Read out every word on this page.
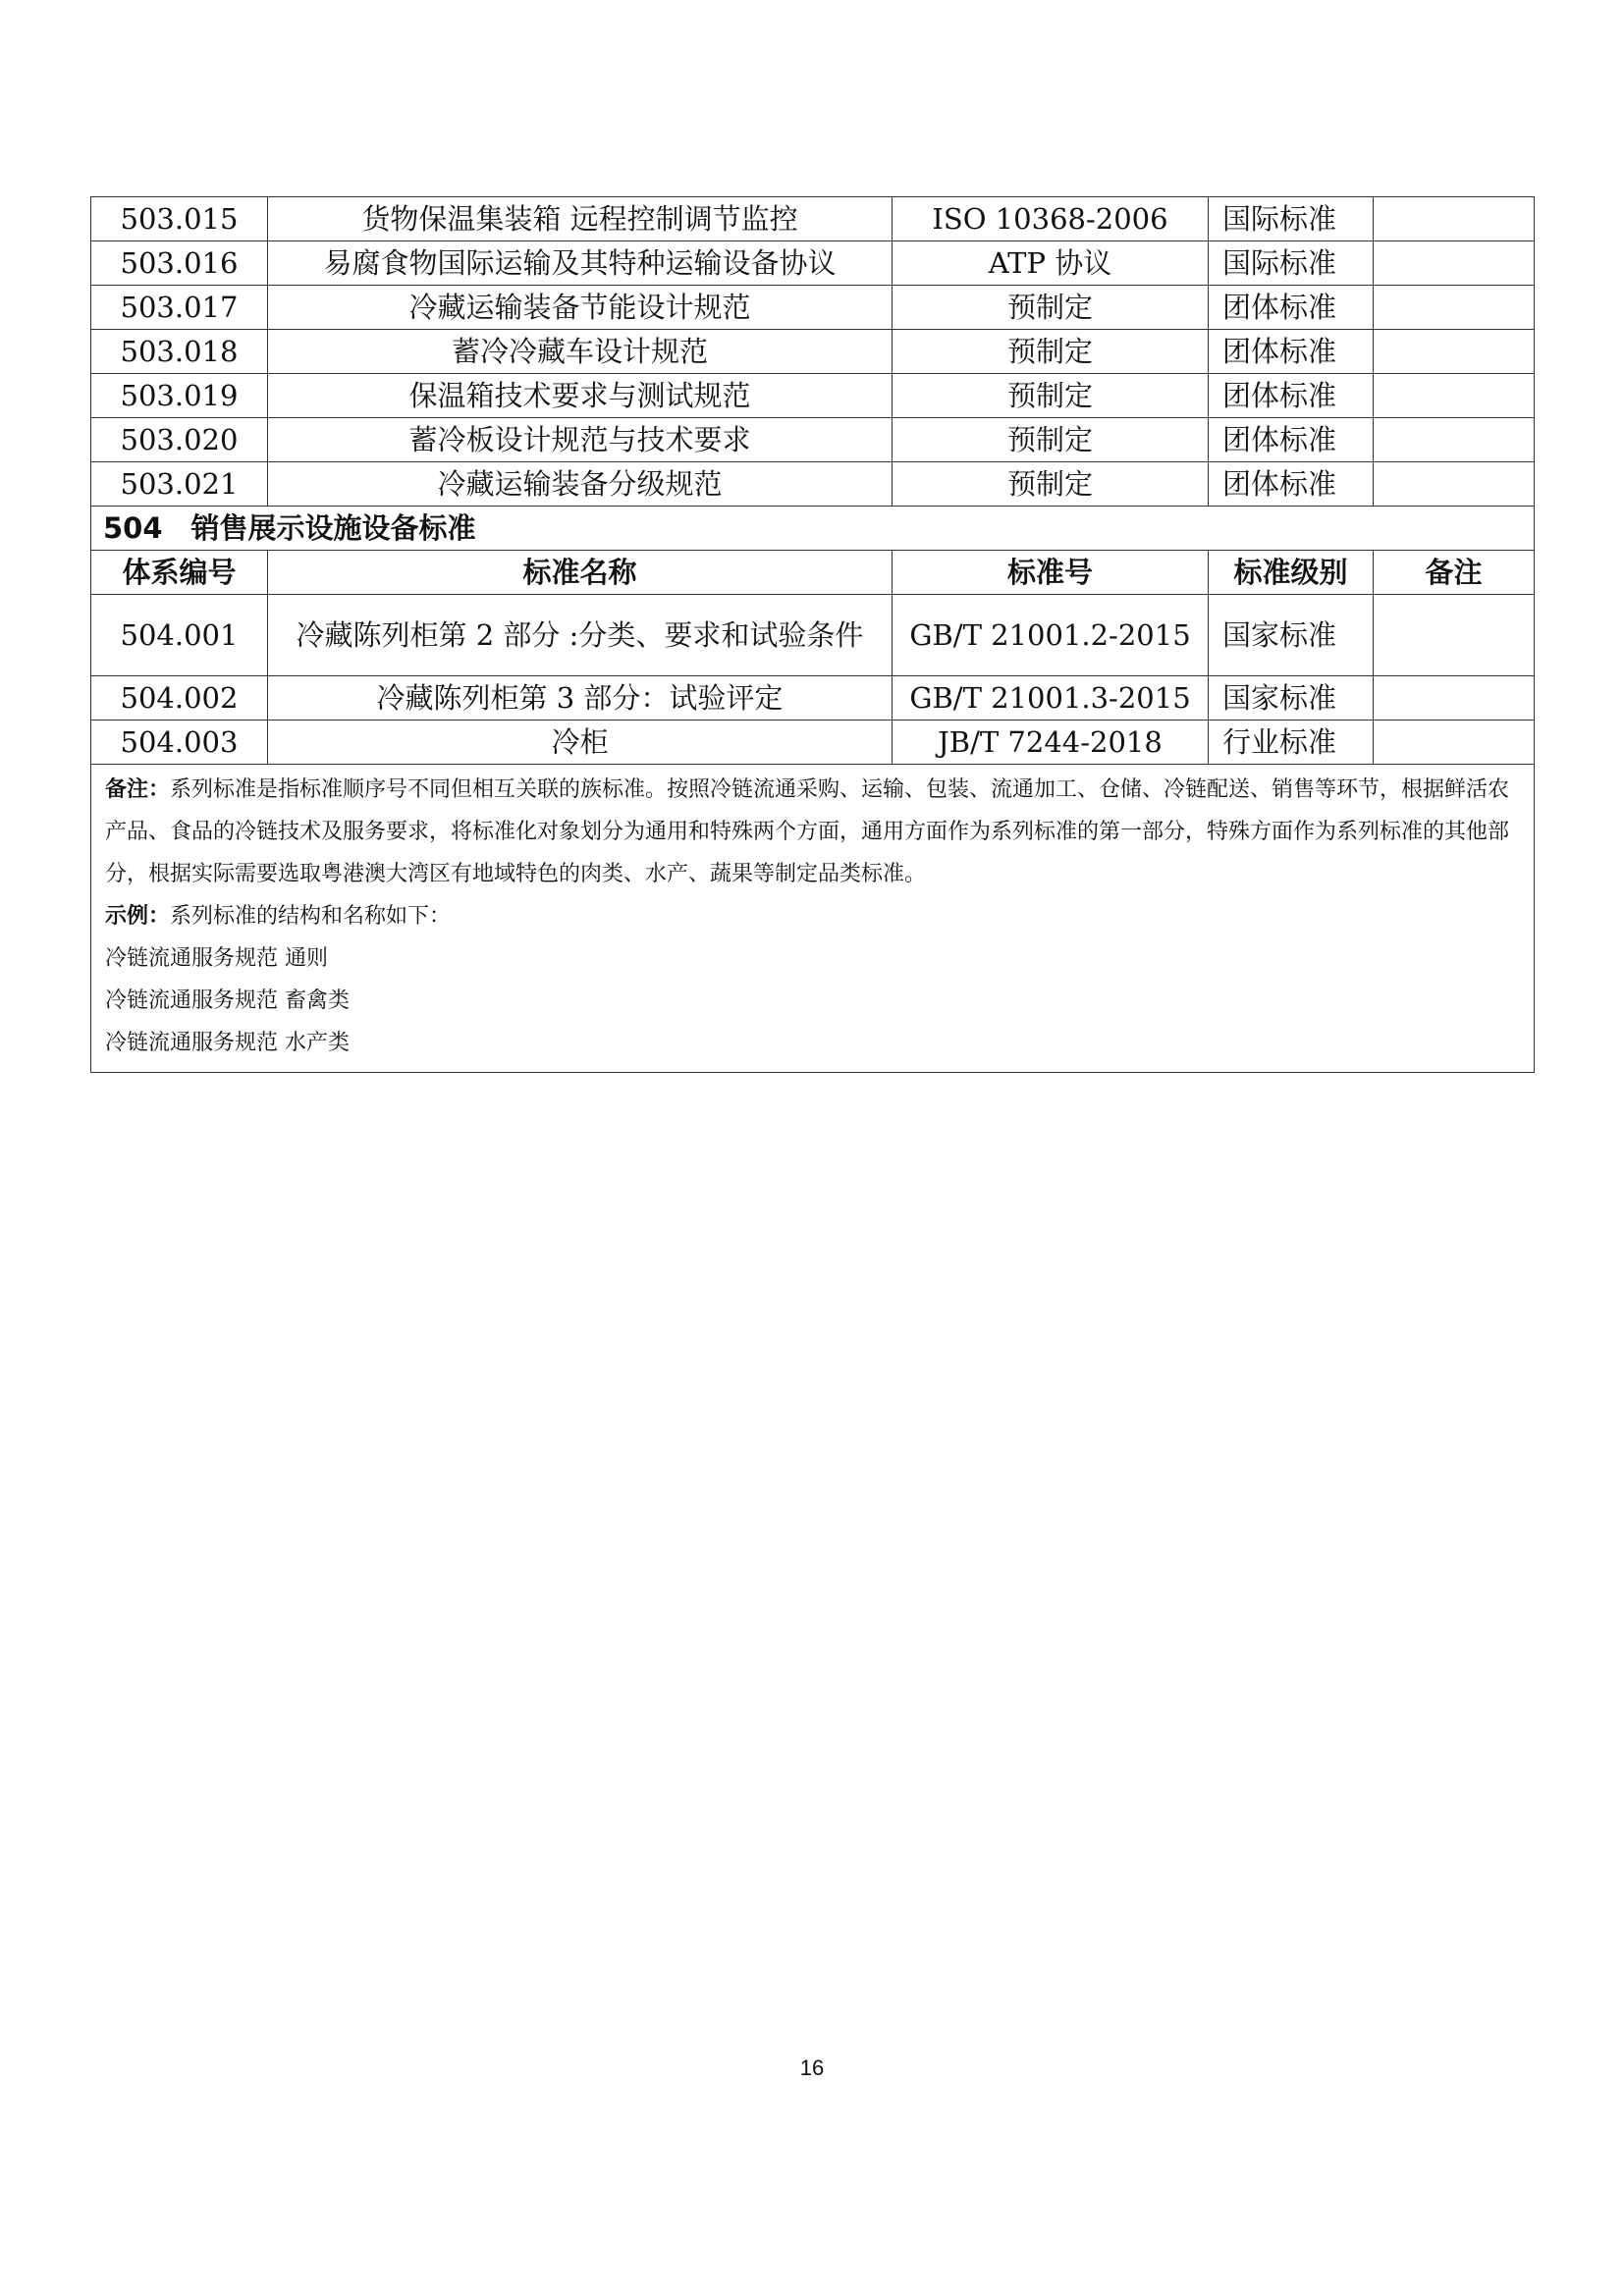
503.015	货物保温集装箱 远程控制调节监控	ISO 10368-2006	国际标准	
503.016	易腐食物国际运输及其特种运输设备协议	ATP 协议	国际标准	
503.017	冷藏运输装备节能设计规范	预制定	团体标准	
503.018	蓄冷冷藏车设计规范	预制定	团体标准	
503.019	保温箱技术要求与测试规范	预制定	团体标准	
503.020	蓄冷板设计规范与技术要求	预制定	团体标准	
503.021	冷藏运输装备分级规范	预制定	团体标准	
504　销售展示设施设备标准				
体系编号	标准名称	标准号	标准级别	备注
504.001	冷藏陈列柜第 2 部分 :分类、要求和试验条件	GB/T 21001.2-2015	国家标准	
504.002	冷藏陈列柜第 3 部分：试验评定	GB/T 21001.3-2015	国家标准	
504.003	冷柜	JB/T 7244-2018	行业标准	

备注：系列标准是指标准顺序号不同但相互关联的族标准。按照冷链流通采购、运输、包装、流通加工、仓储、冷链配送、销售等环节，根据鲜活农产品、食品的冷链技术及服务要求，将标准化对象划分为通用和特殊两个方面，通用方面作为系列标准的第一部分，特殊方面作为系列标准的其他部分，根据实际需要选取粤港澳大湾区有地域特色的肉类、水产、蔬果等制定品类标准。
示例：系列标准的结构和名称如下：
冷链流通服务规范 通则
冷链流通服务规范 畜禽类
冷链流通服务规范 水产类				
16
